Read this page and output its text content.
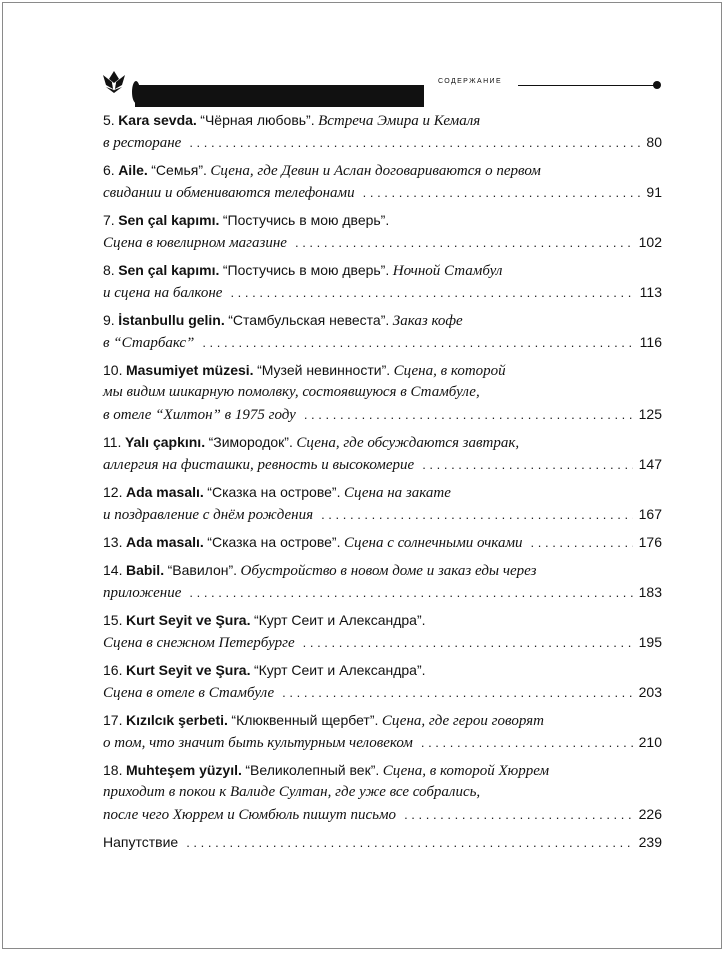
СОДЕРЖАНИЕ
5. Kara sevda. “Чёрная любовь”. Встреча Эмира и Кемаля
в ресторане . . .	80
6. Aile. “Семья”. Сцена, где Девин и Аслан договариваются о первом
свидании и обмениваются телефонами . . .	91
7. Sen çal kapımı. “Постучись в мою дверь”.
Сцена в ювелирном магазине . . .	102
8. Sen çal kapımı. “Постучись в мою дверь”. Ночной Стамбул
и сцена на балконе . . .	113
9. İstanbullu gelin. “Стамбульская невеста”. Заказ кофе
в “Старбакс” . . .	116
10. Masumiyet müzesi. “Музей невинности”. Сцена, в которой
мы видим шикарную помолвку, состоявшуюся в Стамбуле,
в отеле “Хилтон” в 1975 году . . .	125
11. Yalı çapkını. “Зимородок”. Сцена, где обсуждаются завтрак,
аллергия на фисташки, ревность и высокомерие . . .	147
12. Ada masalı. “Сказка на острове”. Сцена на закате
и поздравление с днём рождения . . .	167
13. Ada masalı. “Сказка на острове”. Сцена с солнечными очками . . .	176
14. Babil. “Вавилон”. Обустройство в новом доме и заказ еды через
приложение . . .	183
15. Kurt Seyit ve Şura. “Курт Сеит и Александра”.
Сцена в снежном Петербурге . . .	195
16. Kurt Seyit ve Şura. “Курт Сеит и Александра”.
Сцена в отеле в Стамбуле . . .	203
17. Kızılcık şerbeti. “Клюквенный щербет”. Сцена, где герои говорят
о том, что значит быть культурным человеком . . .	210
18. Muhteşem yüzyıl. “Великолепный век”. Сцена, в которой Хюррем
приходит в покои к Валиде Султан, где уже все собрались,
после чего Хюррем и Сюмбюль пишут письмо . . .	226
Напутствие . . .	239
